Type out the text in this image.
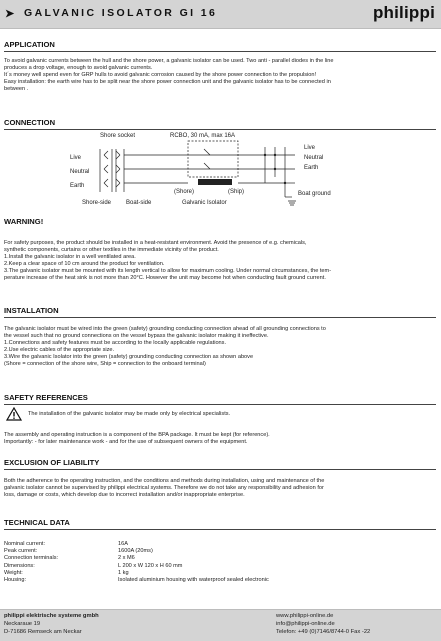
➤ GALVANIC ISOLATOR GI 16	philippi

APPLICATION

To avoid galvanic currents between the hull and the shore power, a galvanic isolator can be used. Two anti - parallel diodes in the line

produces a drop voltage, enough to avoid galvanic currents.

It´s money well spend even for GRP hulls to avoid galvanic corrosion caused by the shore power connection to the propulsion!

Easy installation: the earth wire has to be split near the shore power connection unit and the galvanic isolator has to be connected in

between .

CONNECTION

Shore socket	RCBO, 30 mA, max 16A
Live
Neutral
Earth
Live
Neutral
Earth
(Shore)	(Ship)
Galvanic Isolator
Shore-side Boat-side
Boat ground

WARNING!

For safety purposes, the product should be installed in a heat-resistant environment. Avoid the presence of e.g. chemicals,

synthetic components, curtains or other textiles in the immediate vicinity of the product.

1.Install the galvanic isolator in a well ventilated area.

2.Keep a clear space of 10 cm around the product for ventilation.

3.The galvanic isolator must be mounted with its length vertical to allow for maximum cooling. Under normal circumstances, the tem-

perature increase of the heat sink is not more than 20°C. However the unit may become hot when conducting fault ground current.

INSTALLATION

The galvanic isolator must be wired into the green (safety) grounding conducting connection ahead of all grounding connections to

the vessel such that no ground connections on the vessel bypass the galvanic isolator making it ineffective.

1.Connections and safety features must be according to the locally applicable regulations.

2.Use electric cables of the appropriate size.

3.Wire the galvanic Isolator into the green (safety) grounding conducting connection as shown above

(Shore = connection of the shore wire, Ship = connection to the onboard terminal)

SAFETY REFERENCES

The installation of the galvanic isolator may be made only by electrical specialists.

The assembly and operating instruction is a component of the BPA package. It must be kept (for reference).

Importantly: - for later maintenance work - and for the use of subsequent owners of the equipment.

EXCLUSION OF LIABILITY

Both the adherence to the operating instruction, and the conditions and methods during installation, using and maintenance of the

galvanic isolator cannot be supervised by philippi electrical systems. Therefore we do not take any responsibility and adhesion for

loss, damage or costs, which develop due to incorrect installation and/or inappropriate enterprise.

TECHNICAL DATA

Nominal current:	16A
Peak current:	1600A (20ms)
Connection terminals:	2 x M6
Dimensions:	L 200 x W 120 x H 60 mm
Weight:	1 kg
Housing:	Isolated aluminium housing with waterproof sealed electronic
philippi elektrische systeme gmbh
Neckarauе 19
D-71686 Remseck am Neckar
www.philippi-online.de
info@philippi-online.de
Telefon: +49 (0)7146/8744-0 Fax -22
